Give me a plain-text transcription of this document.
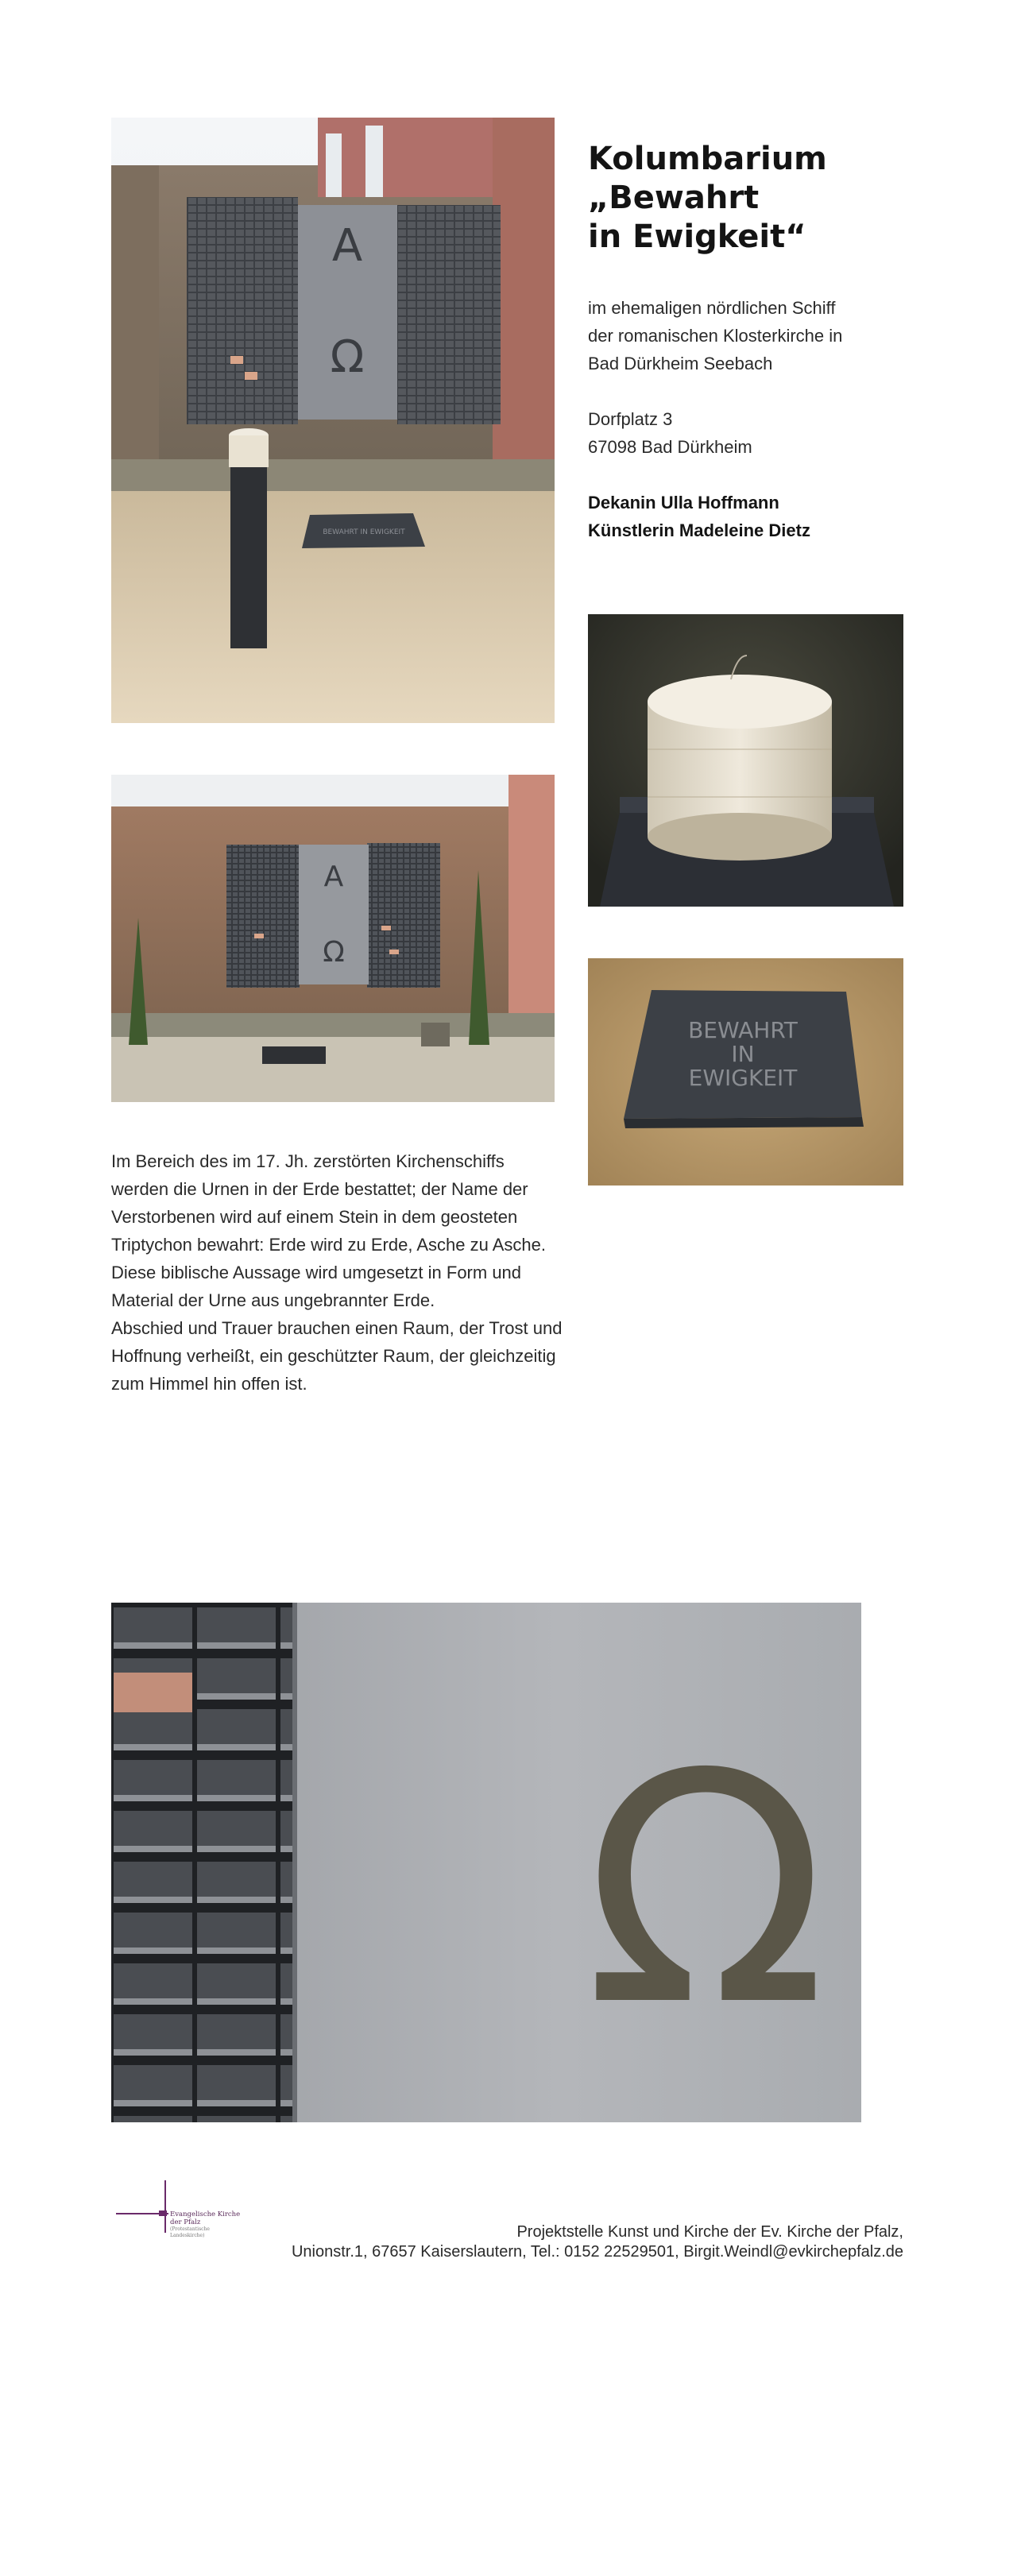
A
Ω
BEWAHRT IN EWIGKEIT
Kolumbarium
„Bewahrt
in Ewigkeit“
im ehemaligen nördlichen Schiff
der romanischen Klosterkirche in
Bad Dürkheim Seebach
Dorfplatz 3
67098 Bad Dürkheim
Dekanin Ulla Hoffmann
Künstlerin Madeleine Dietz
A
Ω
BEWAHRT
IN
EWIGKEIT

Im Bereich des im 17. Jh. zerstörten Kirchenschiffs werden die Urnen in der Erde bestattet; der Name der Verstorbenen wird auf einem Stein in dem geosteten Triptychon bewahrt: Erde wird zu Erde, Asche zu Asche. Diese biblische Aussage wird umgesetzt in Form und Material der Urne aus ungebrannter Erde.

Abschied und Trauer brauchen einen Raum, der Trost und Hoffnung verheißt, ein geschützter Raum, der gleichzeitig zum Himmel hin offen ist.

Ω
Evangelische Kirche
der Pfalz
(Protestantische Landeskirche)	Projektstelle Kunst und Kirche der Ev. Kirche der Pfalz,
Unionstr.1, 67657 Kaiserslautern, Tel.: 0152 22529501, Birgit.Weindl@evkirchepfalz.de
